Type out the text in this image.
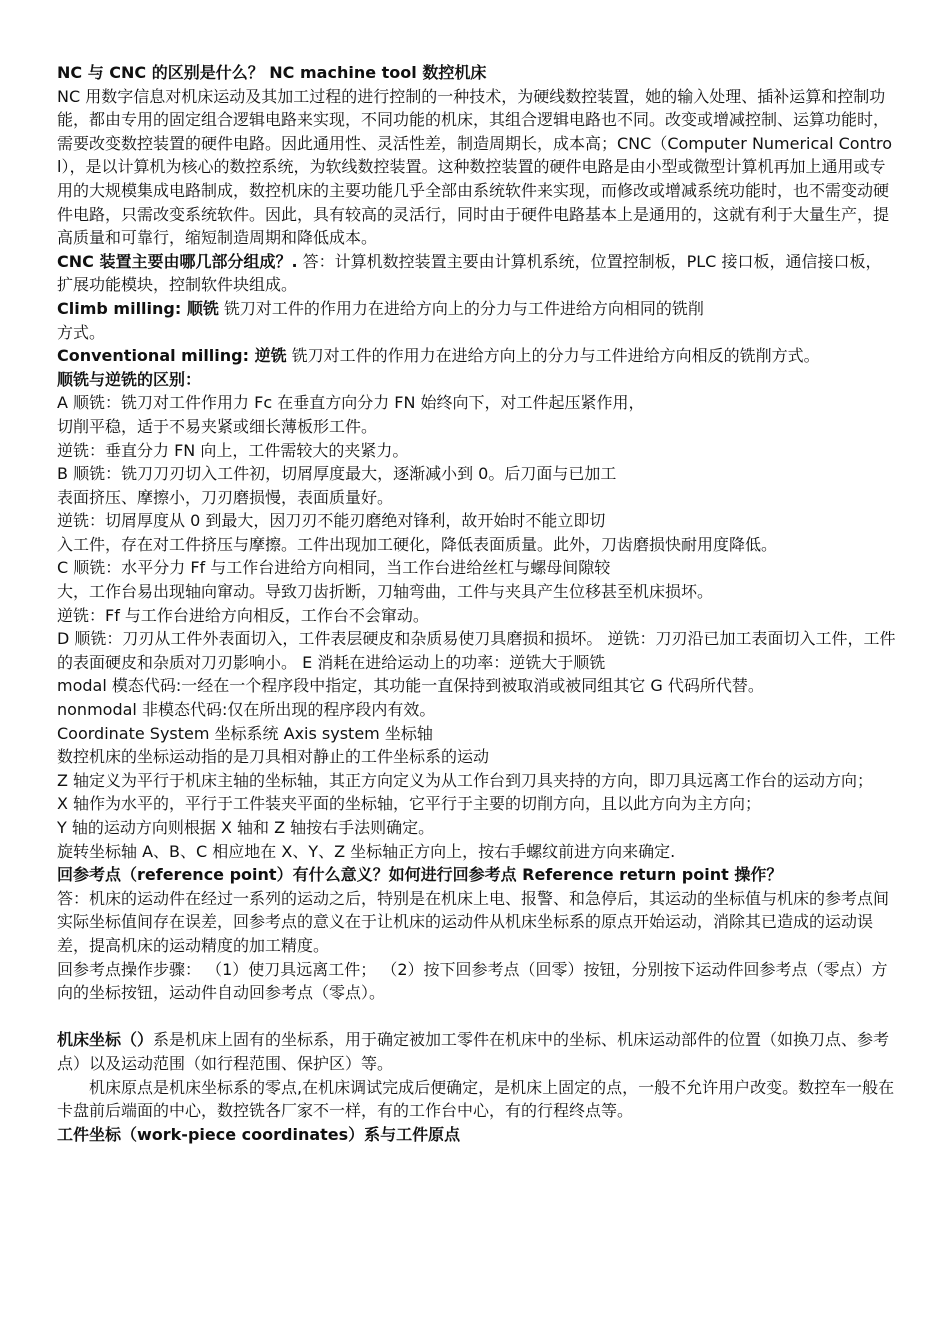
NC 与 CNC 的区别是什么？ NC machine tool 数控机床

NC 用数字信息对机床运动及其加工过程的进行控制的一种技术，为硬线数控装置，她的输入处理、插补运算和控制功能，都由专用的固定组合逻辑电路来实现，不同功能的机床，其组合逻辑电路也不同。改变或增减控制、运算功能时，需要改变数控装置的硬件电路。因此通用性、灵活性差，制造周期长，成本高；CNC（Computer Numerical Control），是以计算机为核心的数控系统，为软线数控装置。这种数控装置的硬件电路是由小型或微型计算机再加上通用或专用的大规模集成电路制成，数控机床的主要功能几乎全部由系统软件来实现，而修改或增减系统功能时，也不需变动硬件电路，只需改变系统软件。因此，具有较高的灵活行，同时由于硬件电路基本上是通用的，这就有利于大量生产，提高质量和可靠行，缩短制造周期和降低成本。

CNC 装置主要由哪几部分组成？. 答：计算机数控装置主要由计算机系统，位置控制板，PLC 接口板，通信接口板，扩展功能模块，控制软件块组成。

Climb milling: 顺铣 铣刀对工件的作用力在进给方向上的分力与工件进给方向相同的铣削

方式。

Conventional milling: 逆铣 铣刀对工件的作用力在进给方向上的分力与工件进给方向相反的铣削方式。

顺铣与逆铣的区别：

A 顺铣：铣刀对工件作用力 Fc 在垂直方向分力 FN 始终向下，对工件起压紧作用，

切削平稳，适于不易夹紧或细长薄板形工件。

逆铣：垂直分力 FN 向上，工件需较大的夹紧力。

B 顺铣：铣刀刀刃切入工件初，切屑厚度最大，逐渐减小到 0。后刀面与已加工

表面挤压、摩擦小，刀刃磨损慢，表面质量好。

逆铣：切屑厚度从 0 到最大，因刀刃不能刃磨绝对锋利，故开始时不能立即切

入工件，存在对工件挤压与摩擦。工件出现加工硬化，降低表面质量。此外，刀齿磨损快耐用度降低。

C 顺铣：水平分力 Ff 与工作台进给方向相同，当工作台进给丝杠与螺母间隙较

大，工作台易出现轴向窜动。导致刀齿折断，刀轴弯曲，工件与夹具产生位移甚至机床损坏。

逆铣：Ff 与工作台进给方向相反，工作台不会窜动。

D 顺铣：刀刃从工件外表面切入，工件表层硬皮和杂质易使刀具磨损和损坏。 逆铣：刀刃沿已加工表面切入工件，工件的表面硬皮和杂质对刀刃影响小。 E 消耗在进给运动上的功率：逆铣大于顺铣

modal 模态代码:一经在一个程序段中指定，其功能一直保持到被取消或被同组其它 G 代码所代替。

nonmodal 非模态代码:仅在所出现的程序段内有效。

Coordinate System 坐标系统 Axis system 坐标轴

数控机床的坐标运动指的是刀具相对静止的工件坐标系的运动

Z 轴定义为平行于机床主轴的坐标轴，其正方向定义为从工作台到刀具夹持的方向，即刀具远离工作台的运动方向；

X 轴作为水平的，平行于工件装夹平面的坐标轴，它平行于主要的切削方向，且以此方向为主方向；

Y 轴的运动方向则根据 X 轴和 Z 轴按右手法则确定。

旋转坐标轴 A、B、C 相应地在 X、Y、Z 坐标轴正方向上，按右手螺纹前进方向来确定.

回参考点（reference point）有什么意义？如何进行回参考点 Reference return point 操作？

答：机床的运动件在经过一系列的运动之后，特别是在机床上电、报警、和急停后，其运动的坐标值与机床的参考点间实际坐标值间存在误差，回参考点的意义在于让机床的运动件从机床坐标系的原点开始运动，消除其已造成的运动误差，提高机床的运动精度的加工精度。

回参考点操作步骤： （1）使刀具远离工件； （2）按下回参考点（回零）按钮，分别按下运动件回参考点（零点）方向的坐标按钮，运动件自动回参考点（零点）。

机床坐标（）系是机床上固有的坐标系，用于确定被加工零件在机床中的坐标、机床运动部件的位置（如换刀点、参考点）以及运动范围（如行程范围、保护区）等。

机床原点是机床坐标系的零点,在机床调试完成后便确定，是机床上固定的点，一般不允许用户改变。数控车一般在卡盘前后端面的中心，数控铣各厂家不一样，有的工作台中心，有的行程终点等。

工件坐标（work-piece coordinates）系与工件原点
